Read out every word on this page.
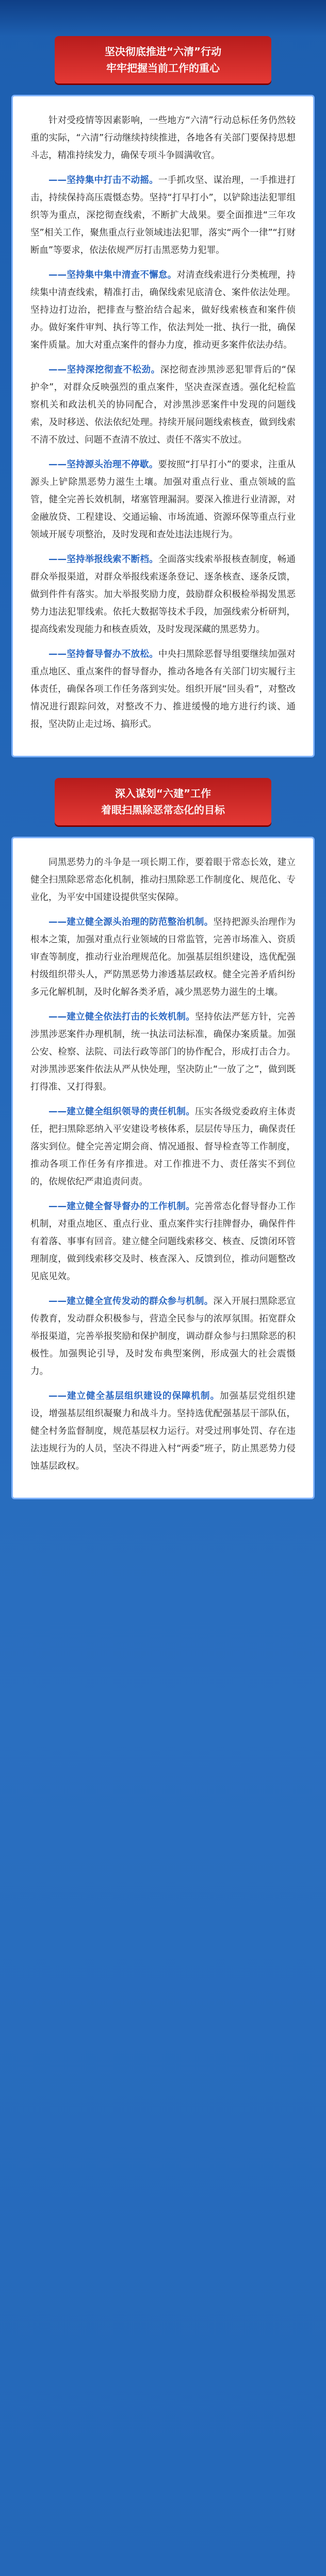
坚决彻底推进“六清”行动
牢牢把握当前工作的重心

针对受疫情等因素影响，一些地方“六清”行动总标任务仍然较重的实际，“六清”行动继续持续推进，各地各有关部门要保持思想斗志，精准持续发力，确保专项斗争圆满收官。

——坚持集中打击不动摇。一手抓攻坚、谋治理，一手推进打击，持续保持高压震慑态势。坚持“打早打小”，以铲除违法犯罪组织等为重点，深挖彻查线索，不断扩大战果。要全面推进“三年攻坚”相关工作，聚焦重点行业领域违法犯罪，落实“两个一律”“打财断血”等要求，依法依规严厉打击黑恶势力犯罪。

——坚持集中集中清查不懈怠。对清查线索进行分类梳理，持续集中清查线索，精准打击，确保线索见底清仓、案件依法处理。坚持边打边治，把排查与整治结合起来，做好线索核查和案件侦办。做好案件审判、执行等工作，依法判处一批、执行一批，确保案件质量。加大对重点案件的督办力度，推动更多案件依法办结。

——坚持深挖彻查不松劲。深挖彻查涉黑涉恶犯罪背后的“保护伞”，对群众反映强烈的重点案件，坚决查深查透。强化纪检监察机关和政法机关的协同配合，对涉黑涉恶案件中发现的问题线索，及时移送、依法依纪处理。持续开展问题线索核查，做到线索不清不放过、问题不查清不放过、责任不落实不放过。

——坚持源头治理不停歇。要按照“打早打小”的要求，注重从源头上铲除黑恶势力滋生土壤。加强对重点行业、重点领域的监管，健全完善长效机制，堵塞管理漏洞。要深入推进行业清源，对金融放贷、工程建设、交通运输、市场流通、资源环保等重点行业领域开展专项整治，及时发现和查处违法违规行为。

——坚持举报线索不断档。全面落实线索举报核查制度，畅通群众举报渠道，对群众举报线索逐条登记、逐条核查、逐条反馈，做到件件有落实。加大举报奖励力度，鼓励群众积极检举揭发黑恶势力违法犯罪线索。依托大数据等技术手段，加强线索分析研判，提高线索发现能力和核查质效，及时发现深藏的黑恶势力。

——坚持督导督办不放松。中央扫黑除恶督导组要继续加强对重点地区、重点案件的督导督办，推动各地各有关部门切实履行主体责任，确保各项工作任务落到实处。组织开展“回头看”，对整改情况进行跟踪问效，对整改不力、推进缓慢的地方进行约谈、通报，坚决防止走过场、搞形式。

深入谋划“六建”工作
着眼扫黑除恶常态化的目标

同黑恶势力的斗争是一项长期工作，要着眼于常态长效，建立健全扫黑除恶常态化机制，推动扫黑除恶工作制度化、规范化、专业化，为平安中国建设提供坚实保障。

——建立健全源头治理的防范整治机制。坚持把源头治理作为根本之策，加强对重点行业领域的日常监管，完善市场准入、资质审查等制度，推动行业治理规范化。加强基层组织建设，选优配强村级组织带头人，严防黑恶势力渗透基层政权。健全完善矛盾纠纷多元化解机制，及时化解各类矛盾，减少黑恶势力滋生的土壤。

——建立健全依法打击的长效机制。坚持依法严惩方针，完善涉黑涉恶案件办理机制，统一执法司法标准，确保办案质量。加强公安、检察、法院、司法行政等部门的协作配合，形成打击合力。对涉黑涉恶案件依法从严从快处理，坚决防止“一放了之”，做到既打得准、又打得狠。

——建立健全组织领导的责任机制。压实各级党委政府主体责任，把扫黑除恶纳入平安建设考核体系，层层传导压力，确保责任落实到位。健全完善定期会商、情况通报、督导检查等工作制度，推动各项工作任务有序推进。对工作推进不力、责任落实不到位的，依规依纪严肃追责问责。

——建立健全督导督办的工作机制。完善常态化督导督办工作机制，对重点地区、重点行业、重点案件实行挂牌督办，确保件件有着落、事事有回音。建立健全问题线索移交、核查、反馈闭环管理制度，做到线索移交及时、核查深入、反馈到位，推动问题整改见底见效。

——建立健全宣传发动的群众参与机制。深入开展扫黑除恶宣传教育，发动群众积极参与，营造全民参与的浓厚氛围。拓宽群众举报渠道，完善举报奖励和保护制度，调动群众参与扫黑除恶的积极性。加强舆论引导，及时发布典型案例，形成强大的社会震慑力。

——建立健全基层组织建设的保障机制。加强基层党组织建设，增强基层组织凝聚力和战斗力。坚持选优配强基层干部队伍，健全村务监督制度，规范基层权力运行。对受过刑事处罚、存在违法违规行为的人员，坚决不得进入村“两委”班子，防止黑恶势力侵蚀基层政权。
